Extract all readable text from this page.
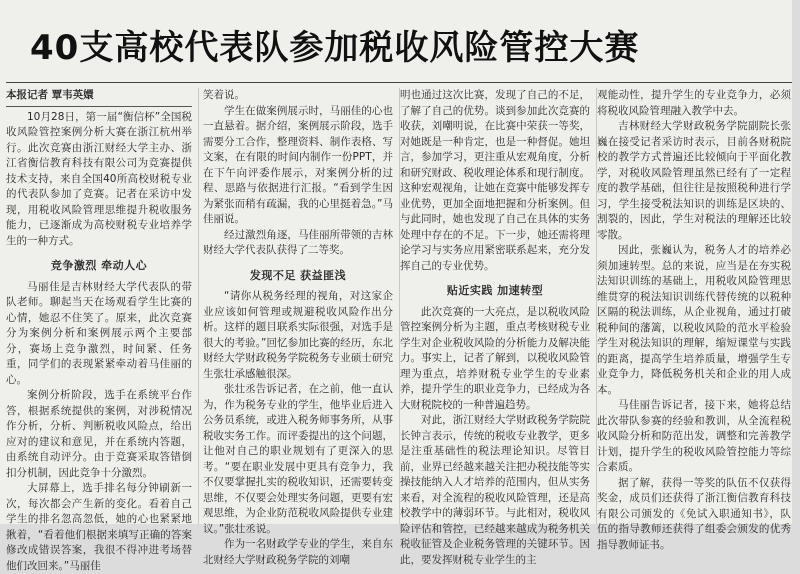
40支高校代表队参加税收风险管控大赛
本报记者 覃韦英嬛

10月28日，第一届“衡信杯”全国税收风险管控案例分析大赛在浙江杭州举行。此次竞赛由浙江财经大学主办、浙江省衡信教育科技有限公司为竞赛提供技术支持，来自全国40所高校财税专业的代表队参加了竞赛。记者在采访中发现，用税收风险管理思维提升税收服务能力，已逐渐成为高校财税专业培养学生的一种方式。

竞争激烈 牵动人心

马丽佳是吉林财经大学代表队的带队老师。聊起当天在场观看学生比赛的心情，她忍不住笑了。原来，此次竞赛分为案例分析和案例展示两个主要部分，赛场上竞争激烈，时间紧、任务重，同学们的表现紧紧牵动着马佳丽的心。

案例分析阶段，选手在系统平台作答，根据系统提供的案例，对涉税情况作分析，分析、判断税收风险点，给出应对的建议和意见，并在系统内答题，由系统自动评分。由于竞赛采取答错倒扣分机制，因此竞争十分激烈。

大屏幕上，选手排名每分钟刷新一次，每次都会产生新的变化。看着自己学生的排名忽高忽低，她的心也紧紧地揪着，“看着他们根据来填写正确的答案修改成错误答案，我很不得冲进考场替他们改回来。”马丽佳

笑着说。

学生在做案例展示时，马丽佳的心也一直悬着。据介绍，案例展示阶段，选手需要分工合作，整理资料、制作表格、写文案，在有限的时间内制作一份PPT，并在下午向评委作展示，对案例分析的过程、思路与依据进行汇报。“看到学生因为紧张而稍有疏漏，我的心里挺着急。”马佳丽说。

经过激烈角逐，马佳丽所带领的吉林财经大学代表队获得了二等奖。

发现不足 获益匪浅

“请你从税务经理的视角，对这家企业应该如何管理或规避税收风险作出分析。这样的题目联系实际很强，对选手是很大的考验。”回忆参加比赛的经历，东北财经大学财政税务学院税务专业硕士研究生张壮承感触很深。

张壮丞告诉记者，在之前，他一直认为，作为税务专业的学生，他毕业后进入公务员系统，或进入税务师事务所，从事税收实务工作。而评委提出的这个问题，让他对自己的职业规划有了更深入的思考。“要在职业发展中更具有竞争力，我不仅要掌握扎实的税收知识，还需要转变思维，不仅要会处理实务问题，更要有宏观思维，为企业防范税收风险提供专业建议。”张壮丞说。

作为一名财政学专业的学生，来自东北财经大学财政税务学院的刘嘲

明也通过这次比赛，发现了自己的不足，了解了自己的优势。谈到参加此次竞赛的收获，刘嘲明说，在比赛中荣获一等奖，对她既是一种肯定，也是一种督促。她坦言，参加学习，更注重从宏观角度，分析和研究财政、税收理论体系和现行制度。这种宏观视角，让她在竞赛中能够发挥专业优势，更加全面地把握和分析案例。但与此同时，她也发现了自己在具体的实务处理中存在的不足。下一步，她还需将理论学习与实务应用紧密联系起来，充分发挥自己的专业优势。

贴近实践 加速转型

此次竞赛的一大亮点，是以税收风险管控案例分析为主题，重点考核财税专业学生对企业税收风险的分析能力及解决能力。事实上，记者了解到，以税收风险管理为重点，培养财税专业学生的专业素养，提升学生的职业竞争力，已经成为各大财税院校的一种普遍趋势。

对此，浙江财经大学财政税务学院院长钟言表示，传统的税收专业教学，更多是注重基础性的税法理论知识。尽管目前，业界已经越来越关注把办税技能等实操技能纳入人才培养的范围内，但从实务来看，对全流程的税收风险管理，还是高校教学中的薄弱环节。与此相对，税收风险评估和管控，已经越来越成为税务机关税收征管及企业税务管理的关键环节。因此，要发挥财税专业学生的主

观能动性，提升学生的专业竞争力，必须将税收风险管理融入教学中去。

吉林财经大学财政税务学院副院长张巍在接受记者采访时表示，目前各财税院校的教学方式普遍还比较倾向于平面化教学，对税收风险管理虽然已经有了一定程度的教学基础，但往往是按照税种进行学习，学生接受税法知识的训练是区块的、割裂的，因此，学生对税法的理解还比较零散。

因此，张巍认为，税务人才的培养必须加速转型。总的来说，应当是在夯实税法知识训练的基础上，用税收风险管理思维贯穿的税法知识训练代替传统的以税种区隔的税法训练，从企业视角，通过打破税种间的藩篱，以税收风险的范水平检验学生对税法知识的理解，缩短课堂与实践的距离，提高学生培养质量，增强学生专业竞争力，降低税务机关和企业的用人成本。

马佳丽告诉记者，接下来，她将总结此次带队参赛的经验和教训，从全流程税收风险分析和防范出发，调整和完善教学计划，提升学生的税收风险管控能力等综合素质。

据了解，获得一等奖的队伍不仅获得奖金，成员们还获得了浙江衡信教育科技有限公司颁发的《免试入职通知书》，队伍的指导教师还获得了组委会颁发的优秀指导教师证书。
